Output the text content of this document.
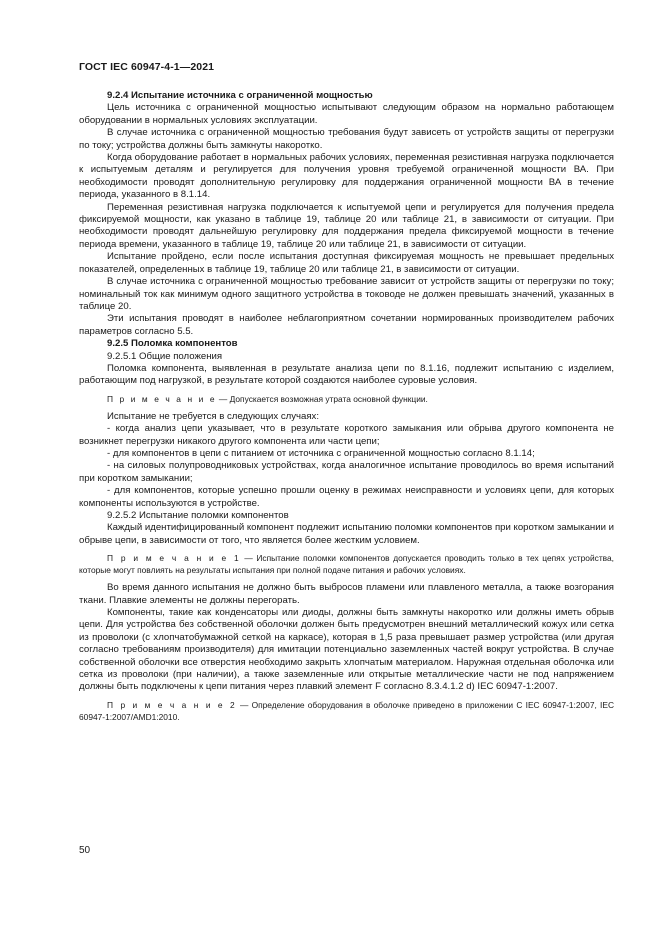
ГОСТ IEC 60947-4-1—2021

9.2.4 Испытание источника с ограниченной мощностью

Цель источника с ограниченной мощностью испытывают следующим образом на нормально работающем оборудовании в нормальных условиях эксплуатации.

В случае источника с ограниченной мощностью требования будут зависеть от устройств защиты от перегрузки по току; устройства должны быть замкнуты накоротко.

Когда оборудование работает в нормальных рабочих условиях, переменная резистивная нагрузка подключается к испытуемым деталям и регулируется для получения уровня требуемой ограниченной мощности ВА. При необходимости проводят дополнительную регулировку для поддержания ограниченной мощности ВА в течение периода, указанного в 8.1.14.

Переменная резистивная нагрузка подключается к испытуемой цепи и регулируется для получения предела фиксируемой мощности, как указано в таблице 19, таблице 20 или таблице 21, в зависимости от ситуации. При необходимости проводят дальнейшую регулировку для поддержания предела фиксируемой мощности в течение периода времени, указанного в таблице 19, таблице 20 или таблице 21, в зависимости от ситуации.

Испытание пройдено, если после испытания доступная фиксируемая мощность не превышает предельных показателей, определенных в таблице 19, таблице 20 или таблице 21, в зависимости от ситуации.

В случае источника с ограниченной мощностью требование зависит от устройств защиты от перегрузки по току; номинальный ток как минимум одного защитного устройства в тоководе не должен превышать значений, указанных в таблице 20.

Эти испытания проводят в наиболее неблагоприятном сочетании нормированных производителем рабочих параметров согласно 5.5.

9.2.5 Поломка компонентов

9.2.5.1 Общие положения

Поломка компонента, выявленная в результате анализа цепи по 8.1.16, подлежит испытанию с изделием, работающим под нагрузкой, в результате которой создаются наиболее суровые условия.

П р и м е ч а н и е — Допускается возможная утрата основной функции.

Испытание не требуется в следующих случаях:

- когда анализ цепи указывает, что в результате короткого замыкания или обрыва другого компонента не возникнет перегрузки никакого другого компонента или части цепи;

- для компонентов в цепи с питанием от источника с ограниченной мощностью согласно 8.1.14;

- на силовых полупроводниковых устройствах, когда аналогичное испытание проводилось во время испытаний при коротком замыкании;

- для компонентов, которые успешно прошли оценку в режимах неисправности и условиях цепи, для которых компоненты используются в устройстве.

9.2.5.2 Испытание поломки компонентов

Каждый идентифицированный компонент подлежит испытанию поломки компонентов при коротком замыкании и обрыве цепи, в зависимости от того, что является более жестким условием.

П р и м е ч а н и е 1 — Испытание поломки компонентов допускается проводить только в тех цепях устройства, которые могут повлиять на результаты испытания при полной подаче питания и рабочих условиях.

Во время данного испытания не должно быть выбросов пламени или плавленого металла, а также возгорания ткани. Плавкие элементы не должны перегорать.

Компоненты, такие как конденсаторы или диоды, должны быть замкнуты накоротко или должны иметь обрыв цепи. Для устройства без собственной оболочки должен быть предусмотрен внешний металлический кожух или сетка из проволоки (с хлопчатобумажной сеткой на каркасе), которая в 1,5 раза превышает размер устройства (или другая согласно требованиям производителя) для имитации потенциально заземленных частей вокруг устройства. В случае собственной оболочки все отверстия необходимо закрыть хлопчатым материалом. Наружная отдельная оболочка или сетка из проволоки (при наличии), а также заземленные или открытые металлические части не под напряжением должны быть подключены к цепи питания через плавкий элемент F согласно 8.3.4.1.2 d) IEC 60947-1:2007.

П р и м е ч а н и е 2 — Определение оборудования в оболочке приведено в приложении С IEC 60947-1:2007, IEC 60947-1:2007/AMD1:2010.

50
